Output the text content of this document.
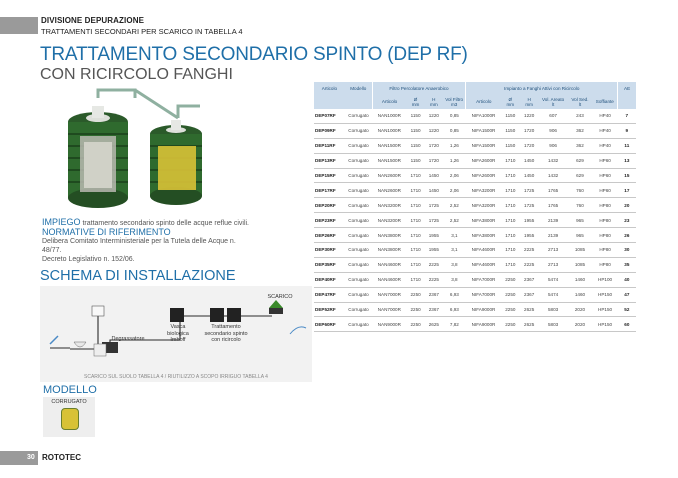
DIVISIONE DEPURAZIONE
TRATTAMENTI SECONDARI PER SCARICO IN TABELLA 4
TRATTAMENTO SECONDARIO SPINTO (DEP RF)
CON RICIRCOLO FANGHI
IMPIEGO trattamento secondario spinto delle acque reflue civili.
NORMATIVE DI RIFERIMENTO
Delibera Comitato Interministeriale per la Tutela delle Acque n.
48/77.
Decreto Legislativo n. 152/06.
SCHEMA DI INSTALLAZIONE
SCARICO
Vasca
biologica
Imhoff
Trattamento
secondario spinto
con ricircolo
Degrassatore
SCARICO SUL SUOLO TABELLA 4 / RIUTILIZZO A SCOPO IRRIGUO TABELLA 4
MODELLO
CORRUGATO
30 ROTOTEC
Articolo	Modello	Filtro Percolatore Anaerobico				Impianto a Fanghi Attivi con Ricircolo						AE
		Articolo	Ø
mm	H
mm	Vol Filtro
m3	Articolo	Ø
mm	H
mm	Vol. Areato
lt	Vol Sed.
lt	Soffiante	
DEP07RF	Corrugato	NAN1000R	1150	1220	0,85	NIFA1000R	1150	1220	607	243	HP40	7
DEP09RF	Corrugato	NAN1000R	1150	1220	0,85	NIFA1500R	1150	1720	906	362	HP40	9
DEP11RF	Corrugato	NAN1500R	1150	1720	1,26	NIFA1500R	1150	1720	906	362	HP40	11
DEP13RF	Corrugato	NAN1500R	1150	1720	1,26	NIFA2600R	1710	1450	1432	629	HP60	13
DEP15RF	Corrugato	NAN2600R	1710	1450	2,06	NIFA2600R	1710	1450	1432	629	HP60	15
DEP17RF	Corrugato	NAN2600R	1710	1450	2,06	NIFA3200R	1710	1725	1765	760	HP60	17
DEP20RF	Corrugato	NAN3200R	1710	1725	2,52	NIFA3200R	1710	1725	1765	760	HP80	20
DEP23RF	Corrugato	NAN3200R	1710	1725	2,52	NIFA3800R	1710	1955	2139	965	HP80	23
DEP26RF	Corrugato	NAN3800R	1710	1955	3,1	NIFA3800R	1710	1955	2139	965	HP80	26
DEP30RF	Corrugato	NAN3800R	1710	1955	3,1	NIFA4600R	1710	2225	2713	1085	HP80	30
DEP35RF	Corrugato	NAN4600R	1710	2225	3,8	NIFA4600R	1710	2225	2713	1085	HP80	35
DEP40RF	Corrugato	NAN4600R	1710	2225	3,8	NIFA7000R	2250	2367	5474	1460	HP100	40
DEP47RF	Corrugato	NAN7000R	2250	2367	6,93	NIFA7000R	2250	2367	5474	1460	HP150	47
DEP52RF	Corrugato	NAN7000R	2250	2367	6,93	NIFA9000R	2250	2625	5803	2020	HP150	52
DEP60RF	Corrugato	NAN9000R	2250	2625	7,82	NIFA9000R	2250	2625	5803	2020	HP150	60
